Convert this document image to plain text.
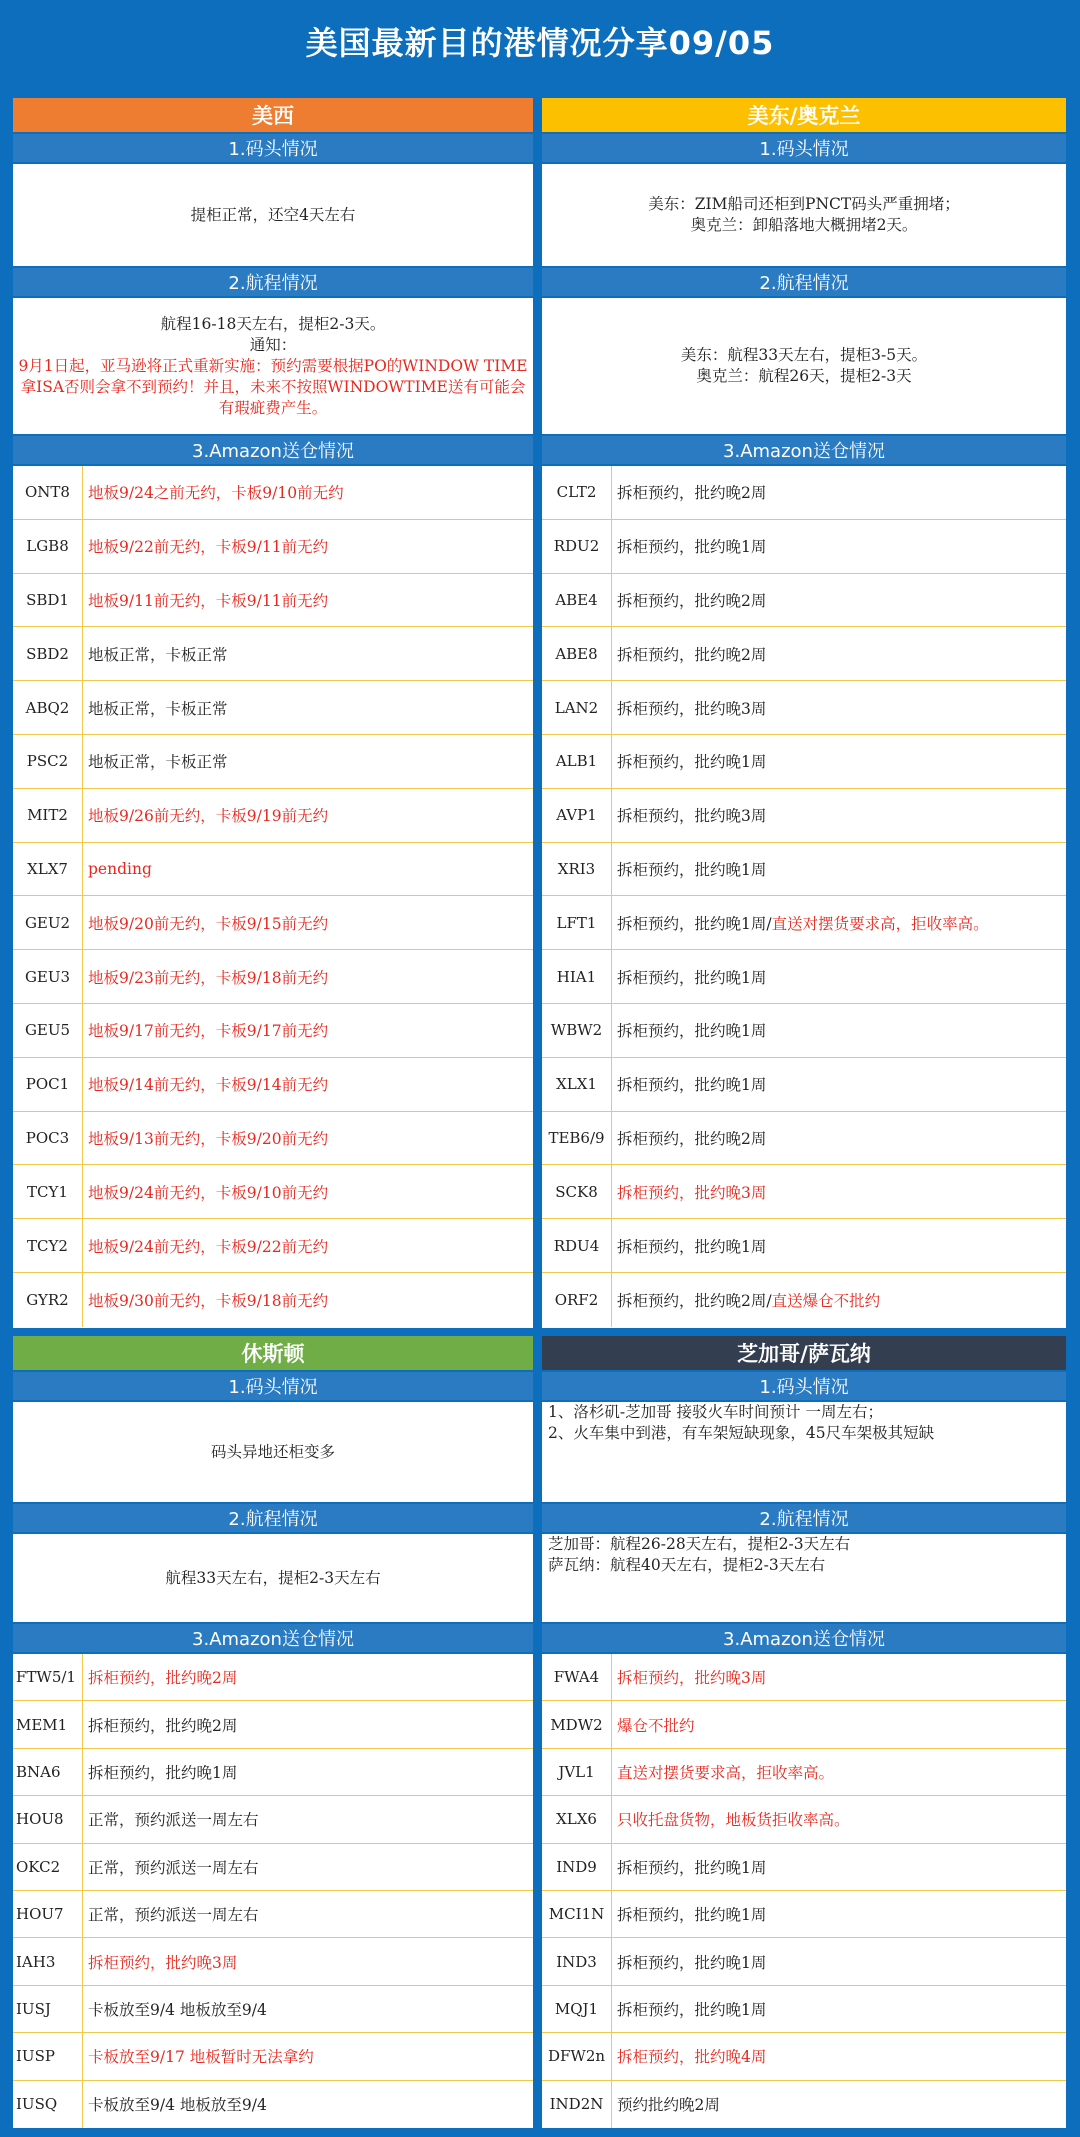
美国最新目的港情况分享09/05
美西
1.码头情况
提柜正常，还空4天左右
2.航程情况
航程16-18天左右，提柜2-3天。
通知：
9月1日起，亚马逊将正式重新实施：预约需要根据PO的WINDOW TIME拿ISA否则会拿不到预约！并且，未来不按照WINDOWTIME送有可能会有瑕疵费产生。
3.Amazon送仓情况
ONT8	地板9/24之前无约，卡板9/10前无约
LGB8	地板9/22前无约，卡板9/11前无约
SBD1	地板9/11前无约，卡板9/11前无约
SBD2	地板正常，卡板正常
ABQ2	地板正常，卡板正常
PSC2	地板正常，卡板正常
MIT2	地板9/26前无约，卡板9/19前无约
XLX7	pending
GEU2	地板9/20前无约，卡板9/15前无约
GEU3	地板9/23前无约，卡板9/18前无约
GEU5	地板9/17前无约，卡板9/17前无约
POC1	地板9/14前无约，卡板9/14前无约
POC3	地板9/13前无约，卡板9/20前无约
TCY1	地板9/24前无约，卡板9/10前无约
TCY2	地板9/24前无约，卡板9/22前无约
GYR2	地板9/30前无约，卡板9/18前无约
美东/奥克兰
1.码头情况
美东：ZIM船司还柜到PNCT码头严重拥堵；
奥克兰：卸船落地大概拥堵2天。
2.航程情况
美东：航程33天左右，提柜3-5天。
奥克兰：航程26天，提柜2-3天
3.Amazon送仓情况
CLT2	拆柜预约，批约晚2周
RDU2	拆柜预约，批约晚1周
ABE4	拆柜预约，批约晚2周
ABE8	拆柜预约，批约晚2周
LAN2	拆柜预约，批约晚3周
ALB1	拆柜预约，批约晚1周
AVP1	拆柜预约，批约晚3周
XRI3	拆柜预约，批约晚1周
LFT1	拆柜预约，批约晚1周/ 直送对摆货要求高，拒收率高。
HIA1	拆柜预约，批约晚1周
WBW2 拆柜预约，批约晚1周
XLX1	拆柜预约，批约晚1周
TEB6/9 拆柜预约，批约晚2周
SCK8	拆柜预约，批约晚3周
RDU4	拆柜预约，批约晚1周
ORF2	拆柜预约，批约晚2周/ 直送爆仓不批约
休斯顿
1.码头情况
码头异地还柜变多
2.航程情况
航程33天左右，提柜2-3天左右
3.Amazon送仓情况
FTW5/1 拆柜预约，批约晚2周
MEM1	拆柜预约，批约晚2周
BNA6	拆柜预约，批约晚1周
HOU8	正常，预约派送一周左右
OKC2	正常，预约派送一周左右
HOU7	正常，预约派送一周左右
IAH3	拆柜预约，批约晚3周
IUSJ	卡板放至9/4 地板放至9/4
IUSP	卡板放至9/17 地板暂时无法拿约
IUSQ	卡板放至9/4 地板放至9/4
芝加哥/萨瓦纳
1.码头情况
1、洛杉矶-芝加哥 接驳火车时间预计 一周左右；
2、火车集中到港，有车架短缺现象，45尺车架极其短缺
2.航程情况
芝加哥：航程26-28天左右，提柜2-3天左右
萨瓦纳：航程40天左右，提柜2-3天左右
3.Amazon送仓情况
FWA4	拆柜预约，批约晚3周
MDW2 爆仓不批约
JVL1	直送对摆货要求高，拒收率高。
XLX6	只收托盘货物，地板货拒收率高。
IND9	拆柜预约，批约晚1周
MCI1N 拆柜预约，批约晚1周
IND3	拆柜预约，批约晚1周
MQJ1	拆柜预约，批约晚1周
DFW2n 拆柜预约，批约晚4周
IND2N 预约批约晚2周
